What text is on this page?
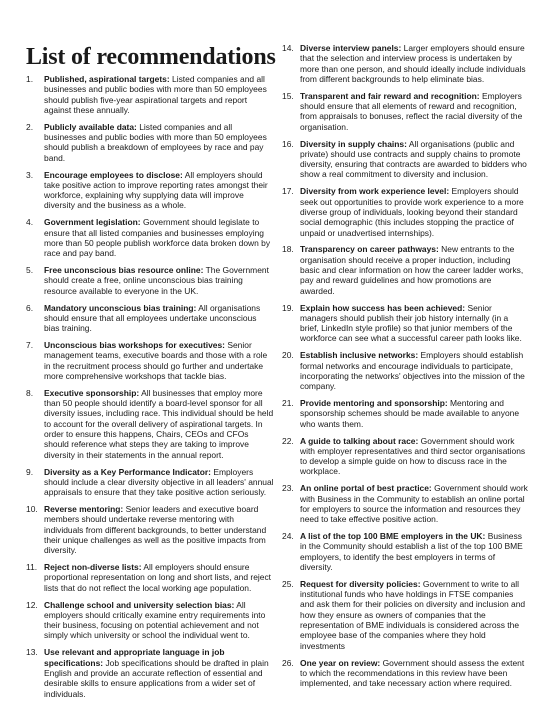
List of recommendations
1.	Published, aspirational targets: Listed companies and all businesses and public bodies with more than 50 employees should publish five-year aspirational targets and report against these annually.
2.	Publicly available data: Listed companies and all businesses and public bodies with more than 50 employees should publish a breakdown of employees by race and pay band.
3.	Encourage employees to disclose: All employers should take positive action to improve reporting rates amongst their workforce, explaining why supplying data will improve diversity and the business as a whole.
4.	Government legislation: Government should legislate to ensure that all listed companies and businesses employing more than 50 people publish workforce data broken down by race and pay band.
5.	Free unconscious bias resource online: The Government should create a free, online unconscious bias training resource available to everyone in the UK.
6.	Mandatory unconscious bias training: All organisations should ensure that all employees undertake unconscious bias training.
7.	Unconscious bias workshops for executives: Senior management teams, executive boards and those with a role in the recruitment process should go further and undertake more comprehensive workshops that tackle bias.
8.	Executive sponsorship: All businesses that employ more than 50 people should identify a board-level sponsor for all diversity issues, including race. This individual should be held to account for the overall delivery of aspirational targets. In order to ensure this happens, Chairs, CEOs and CFOs should reference what steps they are taking to improve diversity in their statements in the annual report.
9.	Diversity as a Key Performance Indicator: Employers should include a clear diversity objective in all leaders' annual appraisals to ensure that they take positive action seriously.
10. Reverse mentoring: Senior leaders and executive board members should undertake reverse mentoring with individuals from different backgrounds, to better understand their unique challenges as well as the positive impacts from diversity.
11. Reject non-diverse lists: All employers should ensure proportional representation on long and short lists, and reject lists that do not reflect the local working age population.
12. Challenge school and university selection bias: All employers should critically examine entry requirements into their business, focusing on potential achievement and not simply which university or school the individual went to.
13. Use relevant and appropriate language in job specifications: Job specifications should be drafted in plain English and provide an accurate reflection of essential and desirable skills to ensure applications from a wider set of individuals.
14. Diverse interview panels: Larger employers should ensure that the selection and interview process is undertaken by more than one person, and should ideally include individuals from different backgrounds to help eliminate bias.
15. Transparent and fair reward and recognition: Employers should ensure that all elements of reward and recognition, from appraisals to bonuses, reflect the racial diversity of the organisation.
16. Diversity in supply chains: All organisations (public and private) should use contracts and supply chains to promote diversity, ensuring that contracts are awarded to bidders who show a real commitment to diversity and inclusion.
17. Diversity from work experience level: Employers should seek out opportunities to provide work experience to a more diverse group of individuals, looking beyond their standard social demographic (this includes stopping the practice of unpaid or unadvertised internships).
18. Transparency on career pathways: New entrants to the organisation should receive a proper induction, including basic and clear information on how the career ladder works, pay and reward guidelines and how promotions are awarded.
19. Explain how success has been achieved: Senior managers should publish their job history internally (in a brief, LinkedIn style profile) so that junior members of the workforce can see what a successful career path looks like.
20. Establish inclusive networks: Employers should establish formal networks and encourage individuals to participate, incorporating the networks' objectives into the mission of the company.
21. Provide mentoring and sponsorship: Mentoring and sponsorship schemes should be made available to anyone who wants them.
22. A guide to talking about race: Government should work with employer representatives and third sector organisations to develop a simple guide on how to discuss race in the workplace.
23. An online portal of best practice: Government should work with Business in the Community to establish an online portal for employers to source the information and resources they need to take effective positive action.
24. A list of the top 100 BME employers in the UK: Business in the Community should establish a list of the top 100 BME employers, to identify the best employers in terms of diversity.
25. Request for diversity policies: Government to write to all institutional funds who have holdings in FTSE companies and ask them for their policies on diversity and inclusion and how they ensure as owners of companies that the representation of BME individuals is considered across the employee base of the companies where they hold investments
26. One year on review: Government should assess the extent to which the recommendations in this review have been implemented, and take necessary action where required.
